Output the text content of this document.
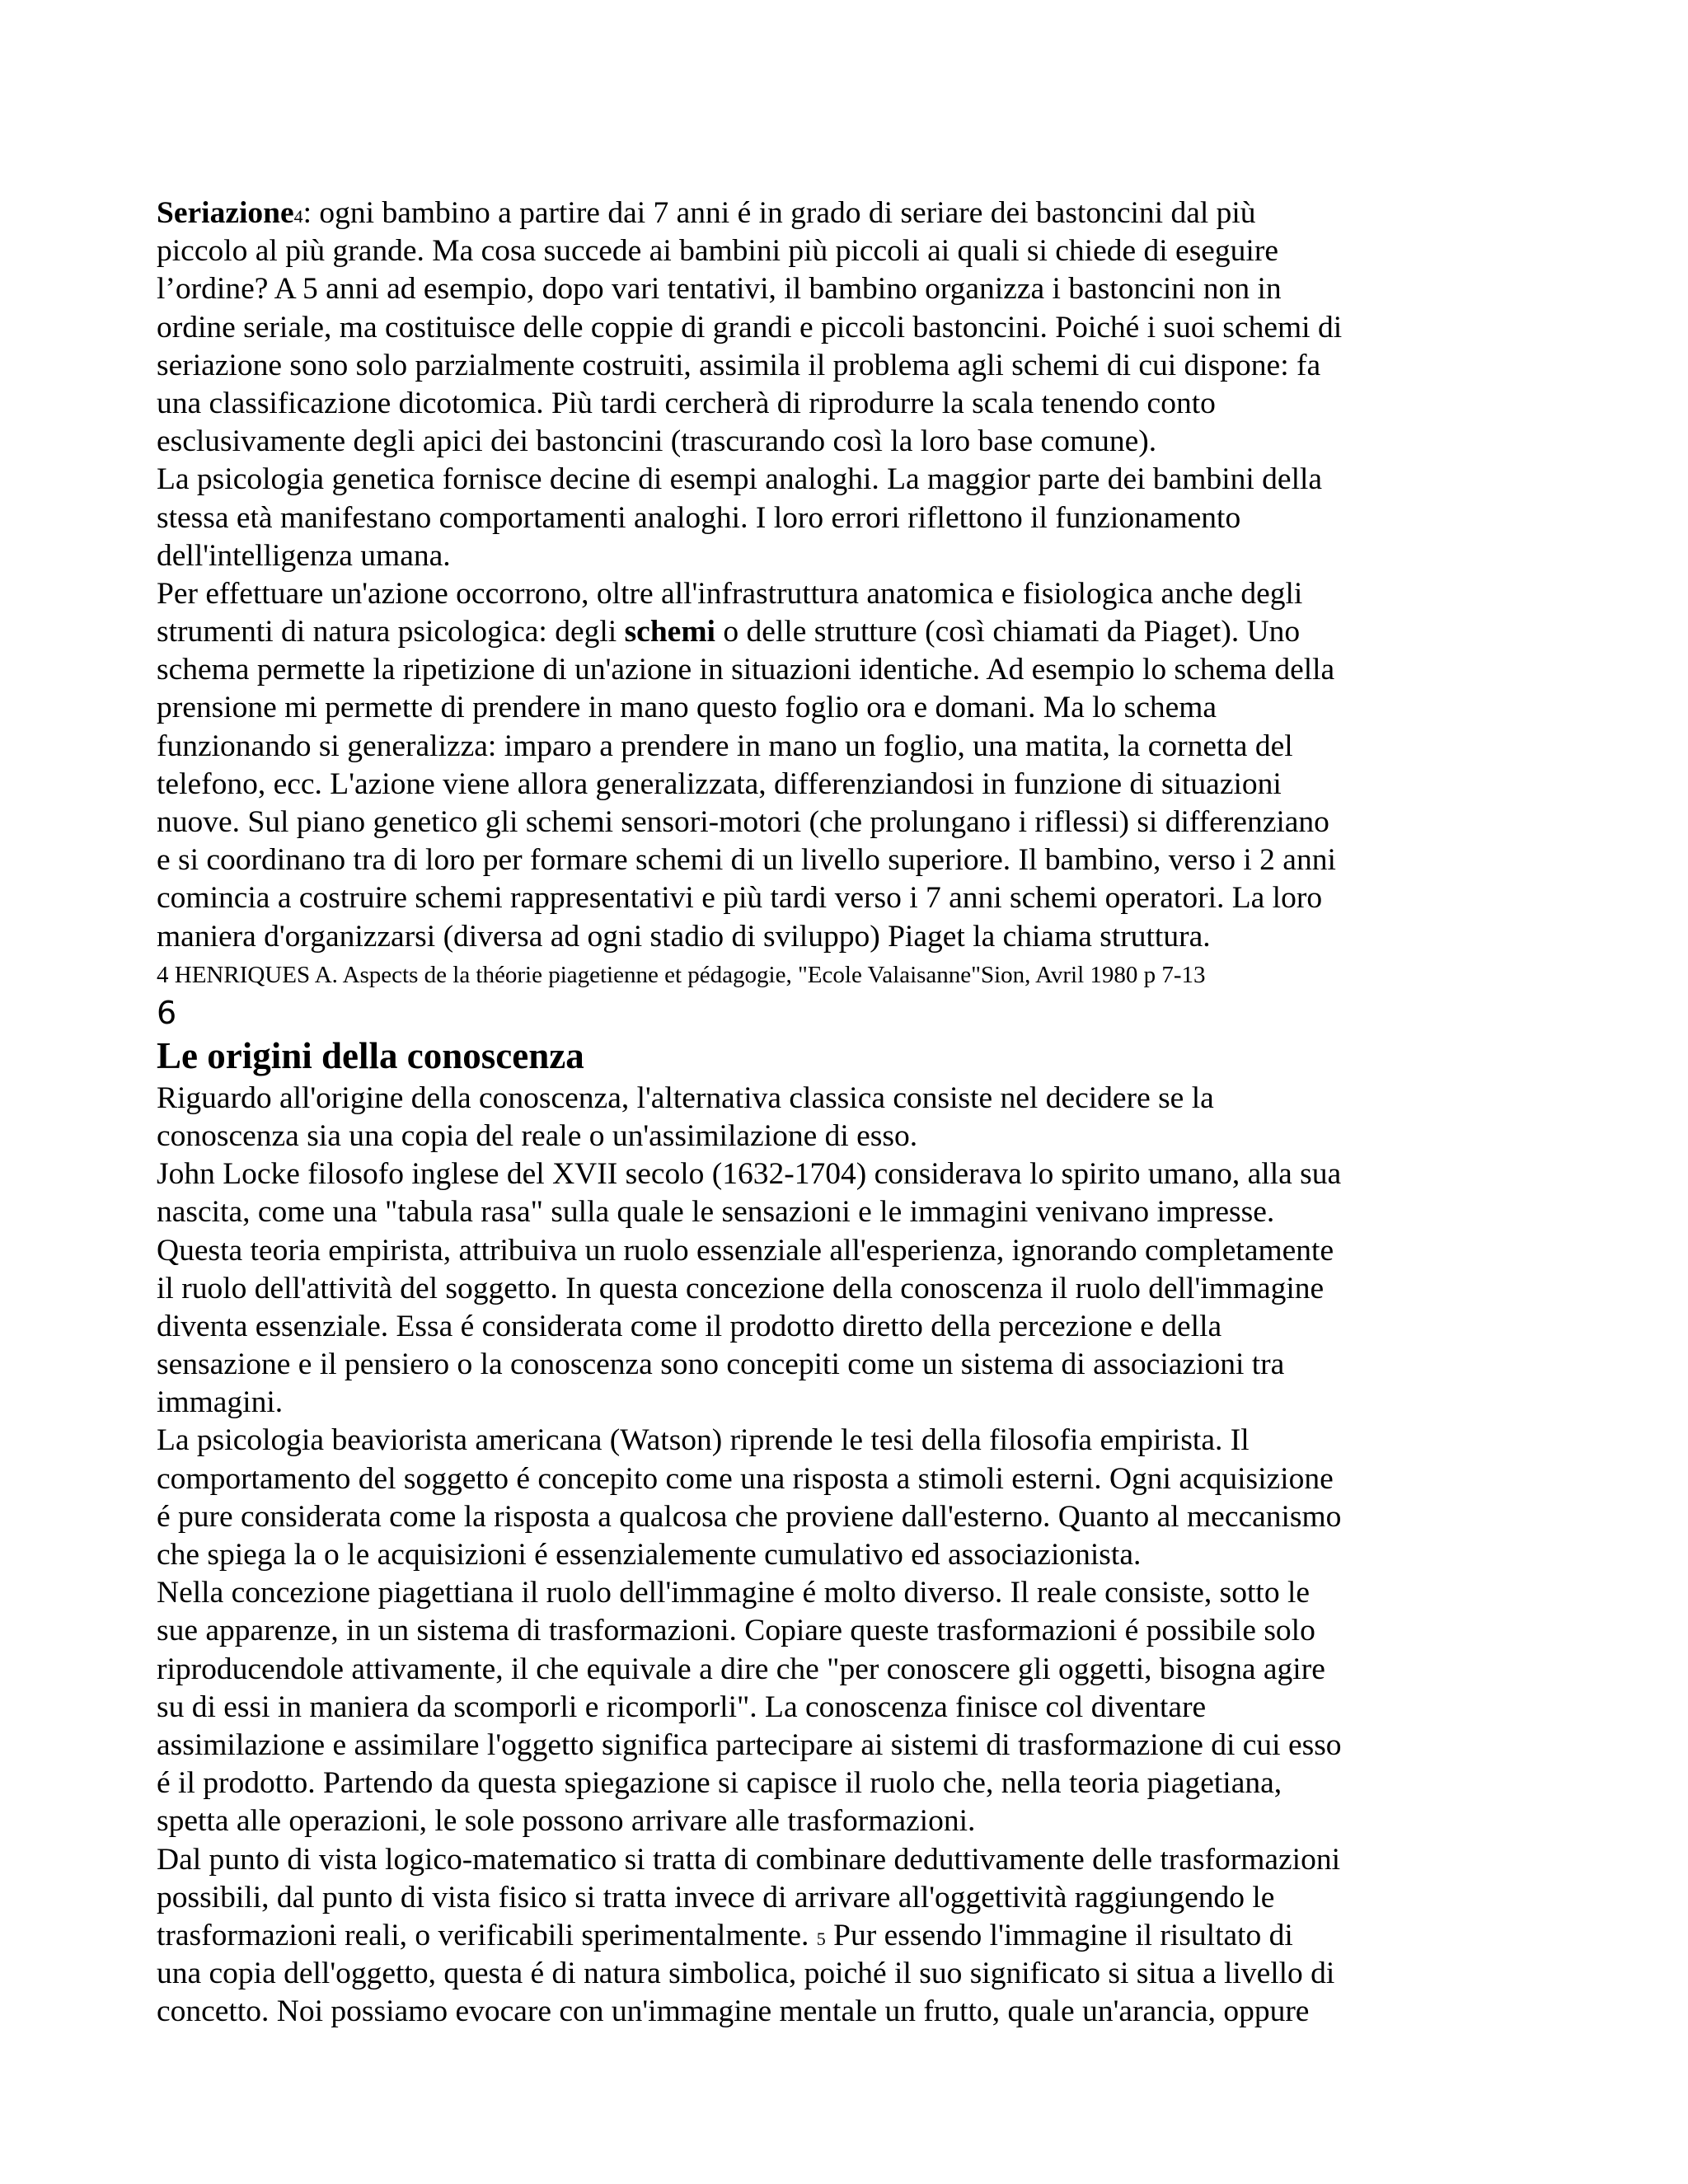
Seriazione4: ogni bambino a partire dai 7 anni é in grado di seriare dei bastoncini dal più
piccolo al più grande. Ma cosa succede ai bambini più piccoli ai quali si chiede di eseguire
l’ordine? A 5 anni ad esempio, dopo vari tentativi, il bambino organizza i bastoncini non in
ordine seriale, ma costituisce delle coppie di grandi e piccoli bastoncini. Poiché i suoi schemi di
seriazione sono solo parzialmente costruiti, assimila il problema agli schemi di cui dispone: fa
una classificazione dicotomica. Più tardi cercherà di riprodurre la scala tenendo conto
esclusivamente degli apici dei bastoncini (trascurando così la loro base comune).
La psicologia genetica fornisce decine di esempi analoghi. La maggior parte dei bambini della
stessa età manifestano comportamenti analoghi. I loro errori riflettono il funzionamento
dell'intelligenza umana.
Per effettuare un'azione occorrono, oltre all'infrastruttura anatomica e fisiologica anche degli
strumenti di natura psicologica: degli schemi o delle strutture (così chiamati da Piaget). Uno
schema permette la ripetizione di un'azione in situazioni identiche. Ad esempio lo schema della
prensione mi permette di prendere in mano questo foglio ora e domani. Ma lo schema
funzionando si generalizza: imparo a prendere in mano un foglio, una matita, la cornetta del
telefono, ecc. L'azione viene allora generalizzata, differenziandosi in funzione di situazioni
nuove. Sul piano genetico gli schemi sensori-motori (che prolungano i riflessi) si differenziano
e si coordinano tra di loro per formare schemi di un livello superiore. Il bambino, verso i 2 anni
comincia a costruire schemi rappresentativi e più tardi verso i 7 anni schemi operatori. La loro
maniera d'organizzarsi (diversa ad ogni stadio di sviluppo) Piaget la chiama struttura.
4 HENRIQUES A. Aspects de la théorie piagetienne et pédagogie, "Ecole Valaisanne"Sion, Avril 1980 p 7-13
6
Le origini della conoscenza
Riguardo all'origine della conoscenza, l'alternativa classica consiste nel decidere se la
conoscenza sia una copia del reale o un'assimilazione di esso.
John Locke filosofo inglese del XVII secolo (1632-1704) considerava lo spirito umano, alla sua
nascita, come una "tabula rasa" sulla quale le sensazioni e le immagini venivano impresse.
Questa teoria empirista, attribuiva un ruolo essenziale all'esperienza, ignorando completamente
il ruolo dell'attività del soggetto. In questa concezione della conoscenza il ruolo dell'immagine
diventa essenziale. Essa é considerata come il prodotto diretto della percezione e della
sensazione e il pensiero o la conoscenza sono concepiti come un sistema di associazioni tra
immagini.
La psicologia beaviorista americana (Watson) riprende le tesi della filosofia empirista. Il
comportamento del soggetto é concepito come una risposta a stimoli esterni. Ogni acquisizione
é pure considerata come la risposta a qualcosa che proviene dall'esterno. Quanto al meccanismo
che spiega la o le acquisizioni é essenzialemente cumulativo ed associazionista.
Nella concezione piagettiana il ruolo dell'immagine é molto diverso. Il reale consiste, sotto le
sue apparenze, in un sistema di trasformazioni. Copiare queste trasformazioni é possibile solo
riproducendole attivamente, il che equivale a dire che "per conoscere gli oggetti, bisogna agire
su di essi in maniera da scomporli e ricomporli". La conoscenza finisce col diventare
assimilazione e assimilare l'oggetto significa partecipare ai sistemi di trasformazione di cui esso
é il prodotto. Partendo da questa spiegazione si capisce il ruolo che, nella teoria piagetiana,
spetta alle operazioni, le sole possono arrivare alle trasformazioni.
Dal punto di vista logico-matematico si tratta di combinare deduttivamente delle trasformazioni
possibili, dal punto di vista fisico si tratta invece di arrivare all'oggettività raggiungendo le
trasformazioni reali, o verificabili sperimentalmente. 5 Pur essendo l'immagine il risultato di
una copia dell'oggetto, questa é di natura simbolica, poiché il suo significato si situa a livello di
concetto. Noi possiamo evocare con un'immagine mentale un frutto, quale un'arancia, oppure
